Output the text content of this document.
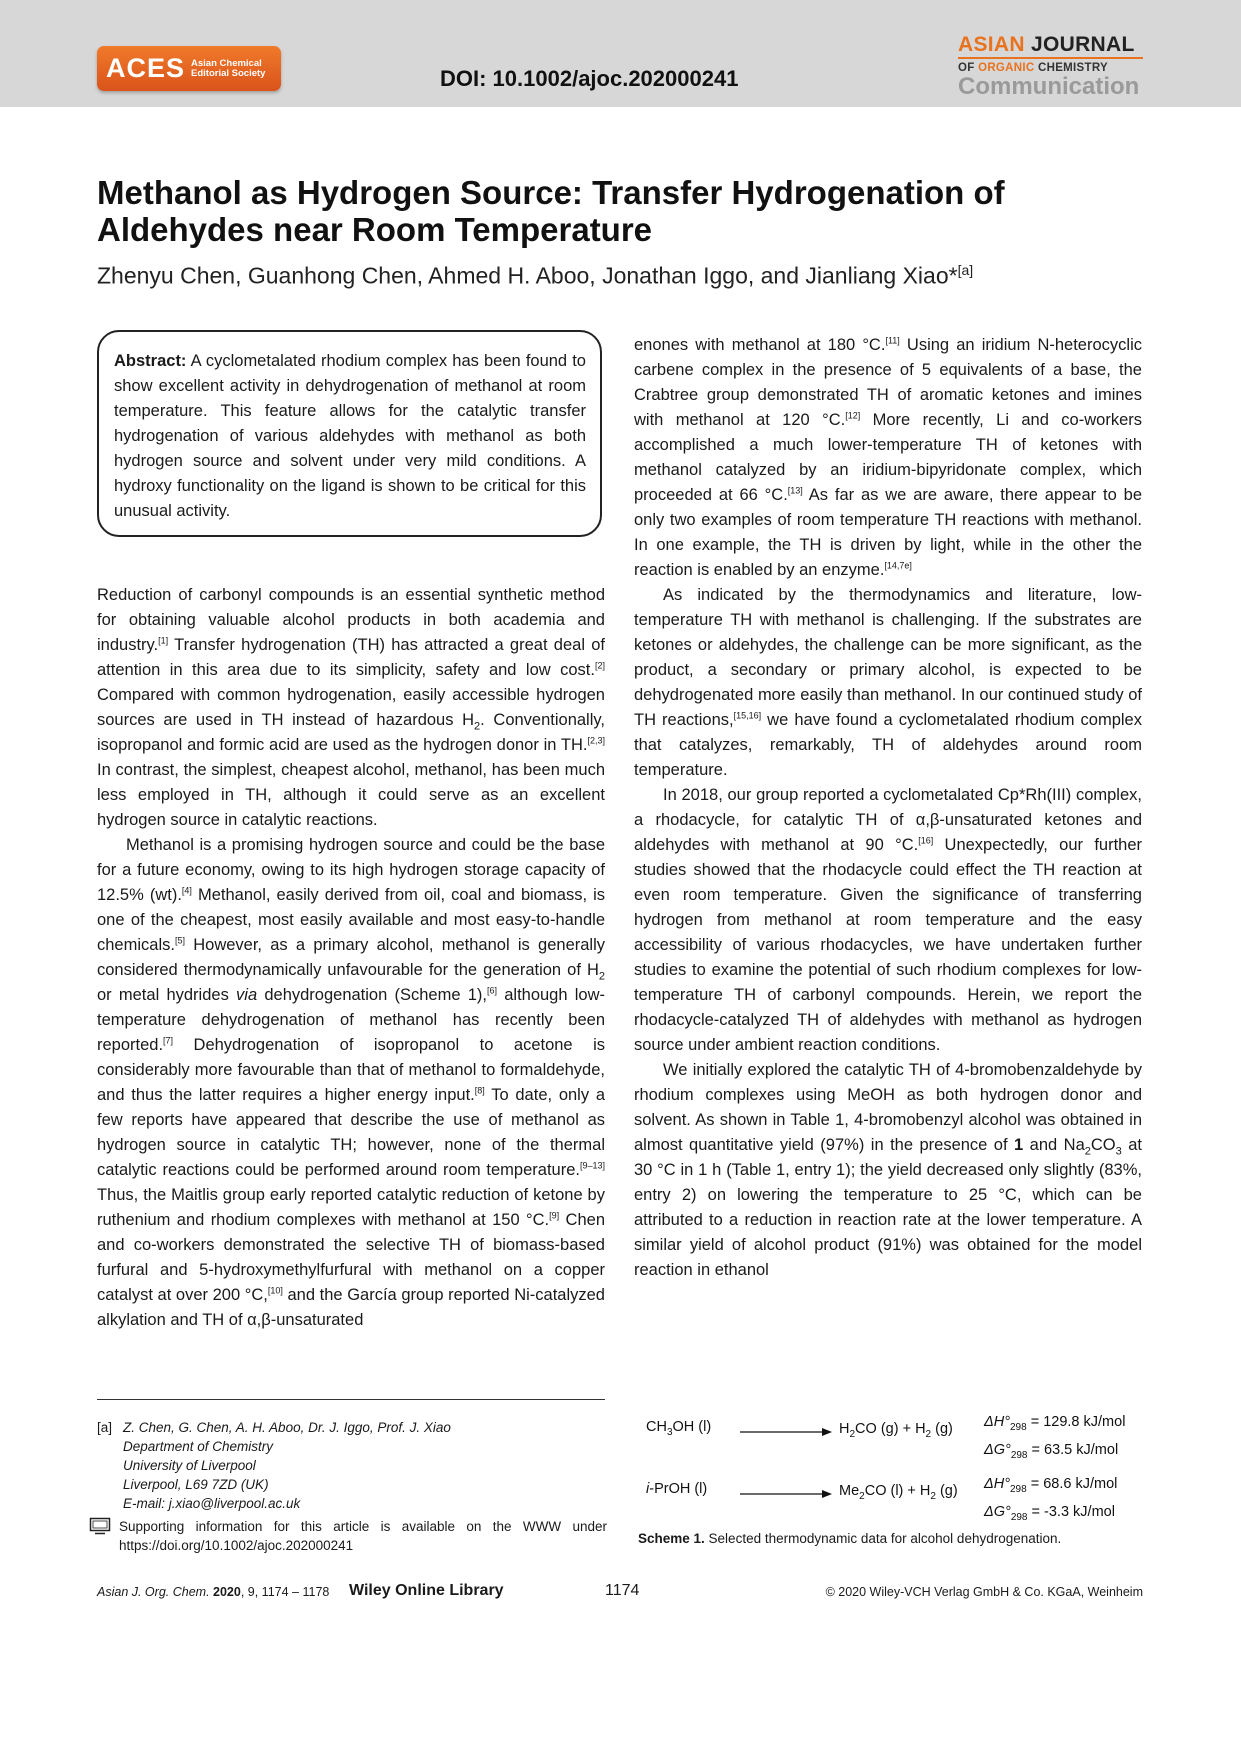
ACES Asian Chemical
Editorial Society	DOI: 10.1002/ajoc.202000241
ASIAN JOURNAL
OF ORGANIC CHEMISTRY
Communication
Methanol as Hydrogen Source: Transfer Hydrogenation of
Aldehydes near Room Temperature
Zhenyu Chen, Guanhong Chen, Ahmed H. Aboo, Jonathan Iggo, and Jianliang Xiao*[a]
Abstract: A cyclometalated rhodium complex has been found to show excellent activity in dehydrogenation of methanol at room temperature. This feature allows for the catalytic transfer hydrogenation of various aldehydes with methanol as both hydrogen source and solvent under very mild conditions. A hydroxy functionality on the ligand is shown to be critical for this unusual activity.

Reduction of carbonyl compounds is an essential synthetic method for obtaining valuable alcohol products in both academia and industry.[1] Transfer hydrogenation (TH) has attracted a great deal of attention in this area due to its simplicity, safety and low cost.[2] Compared with common hydrogenation, easily accessible hydrogen sources are used in TH instead of hazardous $H_2$. Conventionally, isopropanol and formic acid are used as the hydrogen donor in TH.[2,3] In contrast, the simplest, cheapest alcohol, methanol, has been much less employed in TH, although it could serve as an excellent hydrogen source in catalytic reactions.

Methanol is a promising hydrogen source and could be the base for a future economy, owing to its high hydrogen storage capacity of 12.5% (wt).[4] Methanol, easily derived from oil, coal and biomass, is one of the cheapest, most easily available and most easy-to-handle chemicals.[5] However, as a primary alcohol, methanol is generally considered thermodynamically unfavourable for the generation of $H_2$ or metal hydrides via dehydrogenation (Scheme 1),[6] although low-temperature dehydrogenation of methanol has recently been reported.[7] Dehydrogenation of isopropanol to acetone is considerably more favourable than that of methanol to formaldehyde, and thus the latter requires a higher energy input.[8] To date, only a few reports have appeared that describe the use of methanol as hydrogen source in catalytic TH; however, none of the thermal catalytic reactions could be performed around room temperature.[9–13] Thus, the Maitlis group early reported catalytic reduction of ketone by ruthenium and rhodium complexes with methanol at 150 °C.[9] Chen and co-workers demonstrated the selective TH of biomass-based furfural and 5-hydroxymethylfurfural with methanol on a copper catalyst at over 200 °C,[10] and the García group reported Ni-catalyzed alkylation and TH of α,β-unsaturated

enones with methanol at 180 °C.[11] Using an iridium N-heterocyclic carbene complex in the presence of 5 equivalents of a base, the Crabtree group demonstrated TH of aromatic ketones and imines with methanol at 120 °C.[12] More recently, Li and co-workers accomplished a much lower-temperature TH of ketones with methanol catalyzed by an iridium-bipyridonate complex, which proceeded at 66 °C.[13] As far as we are aware, there appear to be only two examples of room temperature TH reactions with methanol. In one example, the TH is driven by light, while in the other the reaction is enabled by an enzyme.[14,7e]

As indicated by the thermodynamics and literature, low-temperature TH with methanol is challenging. If the substrates are ketones or aldehydes, the challenge can be more significant, as the product, a secondary or primary alcohol, is expected to be dehydrogenated more easily than methanol. In our continued study of TH reactions,[15,16] we have found a cyclometalated rhodium complex that catalyzes, remarkably, TH of aldehydes around room temperature.

In 2018, our group reported a cyclometalated Cp*Rh(III) complex, a rhodacycle, for catalytic TH of α,β-unsaturated ketones and aldehydes with methanol at 90 °C.[16] Unexpectedly, our further studies showed that the rhodacycle could effect the TH reaction at even room temperature. Given the significance of transferring hydrogen from methanol at room temperature and the easy accessibility of various rhodacycles, we have undertaken further studies to examine the potential of such rhodium complexes for low-temperature TH of carbonyl compounds. Herein, we report the rhodacycle-catalyzed TH of aldehydes with methanol as hydrogen source under ambient reaction conditions.

We initially explored the catalytic TH of 4-bromobenzaldehyde by rhodium complexes using MeOH as both hydrogen donor and solvent. As shown in Table 1, 4-bromobenzyl alcohol was obtained in almost quantitative yield (97%) in the presence of 1 and $Na_2CO_3$ at 30 °C in 1 h (Table 1, entry 1); the yield decreased only slightly (83%, entry 2) on lowering the temperature to 25 °C, which can be attributed to a reduction in reaction rate at the lower temperature. A similar yield of alcohol product (91%) was obtained for the model reaction in ethanol

[a] Z. Chen, G. Chen, A. H. Aboo, Dr. J. Iggo, Prof. J. Xiao
Department of Chemistry
University of Liverpool
Liverpool, L69 7ZD (UK)
E-mail: j.xiao@liverpool.ac.uk
Supporting information for this article is available on the WWW under https://doi.org/10.1002/ajoc.202000241
$CH_3OH$ (l)	$H_2CO$ $(g) + H_2$ (g) $\Delta H^\circ_{298} = 129.8$ kJ/mol
$\Delta G^\circ_{298} = 63.5$ kJ/mol
i-PrOH (l)	$Me_2CO$ $(l) + H_2$ (g) $\Delta H^\circ_{298} = 68.6$ kJ/mol
$\Delta G^\circ_{298} = -3.3$ kJ/mol
Scheme 1. Selected thermodynamic data for alcohol dehydrogenation.
Asian J. Org. Chem. 2020, 9, 1174 – 1178 Wiley Online Library	1174	© 2020 Wiley-VCH Verlag GmbH & Co. KGaA, Weinheim
